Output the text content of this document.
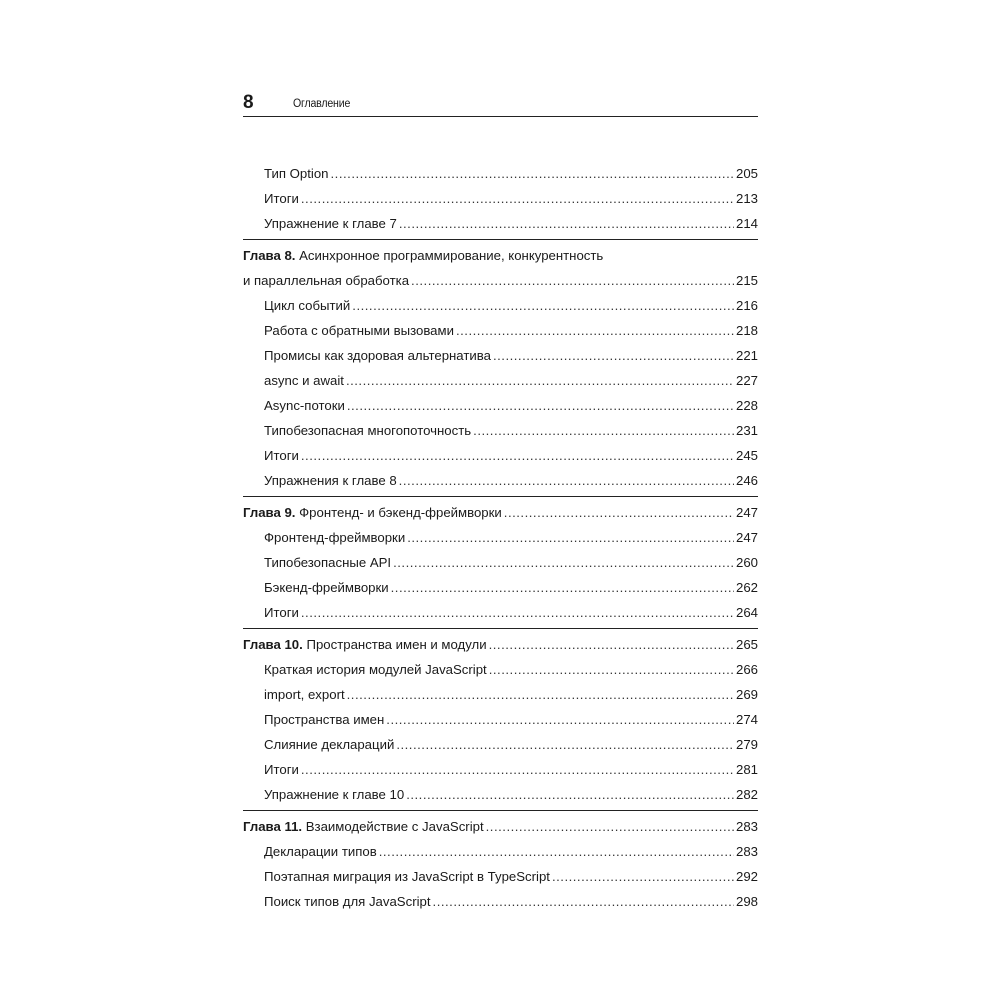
8	Оглавление
Тип Option .....	205
Итоги .....	213
Упражнение к главе 7 .....	214
Глава 8. Асинхронное программирование, конкурентность
и параллельная обработка .....	215
Цикл событий .....	216
Работа с обратными вызовами .....	218
Промисы как здоровая альтернатива .....	221
async и await .....	227
Async-потоки .....	228
Типобезопасная многопоточность .....	231
Итоги .....	245
Упражнения к главе 8 .....	246
Глава 9. Фронтенд- и бэкенд-фреймворки .....	247
Фронтенд-фреймворки .....	247
Типобезопасные API .....	260
Бэкенд-фреймворки .....	262
Итоги .....	264
Глава 10. Пространства имен и модули .....	265
Краткая история модулей JavaScript .....	266
import, export .....	269
Пространства имен .....	274
Слияние деклараций .....	279
Итоги .....	281
Упражнение к главе 10 .....	282
Глава 11. Взаимодействие с JavaScript .....	283
Декларации типов .....	283
Поэтапная миграция из JavaScript в TypeScript .....	292
Поиск типов для JavaScript .....	298
